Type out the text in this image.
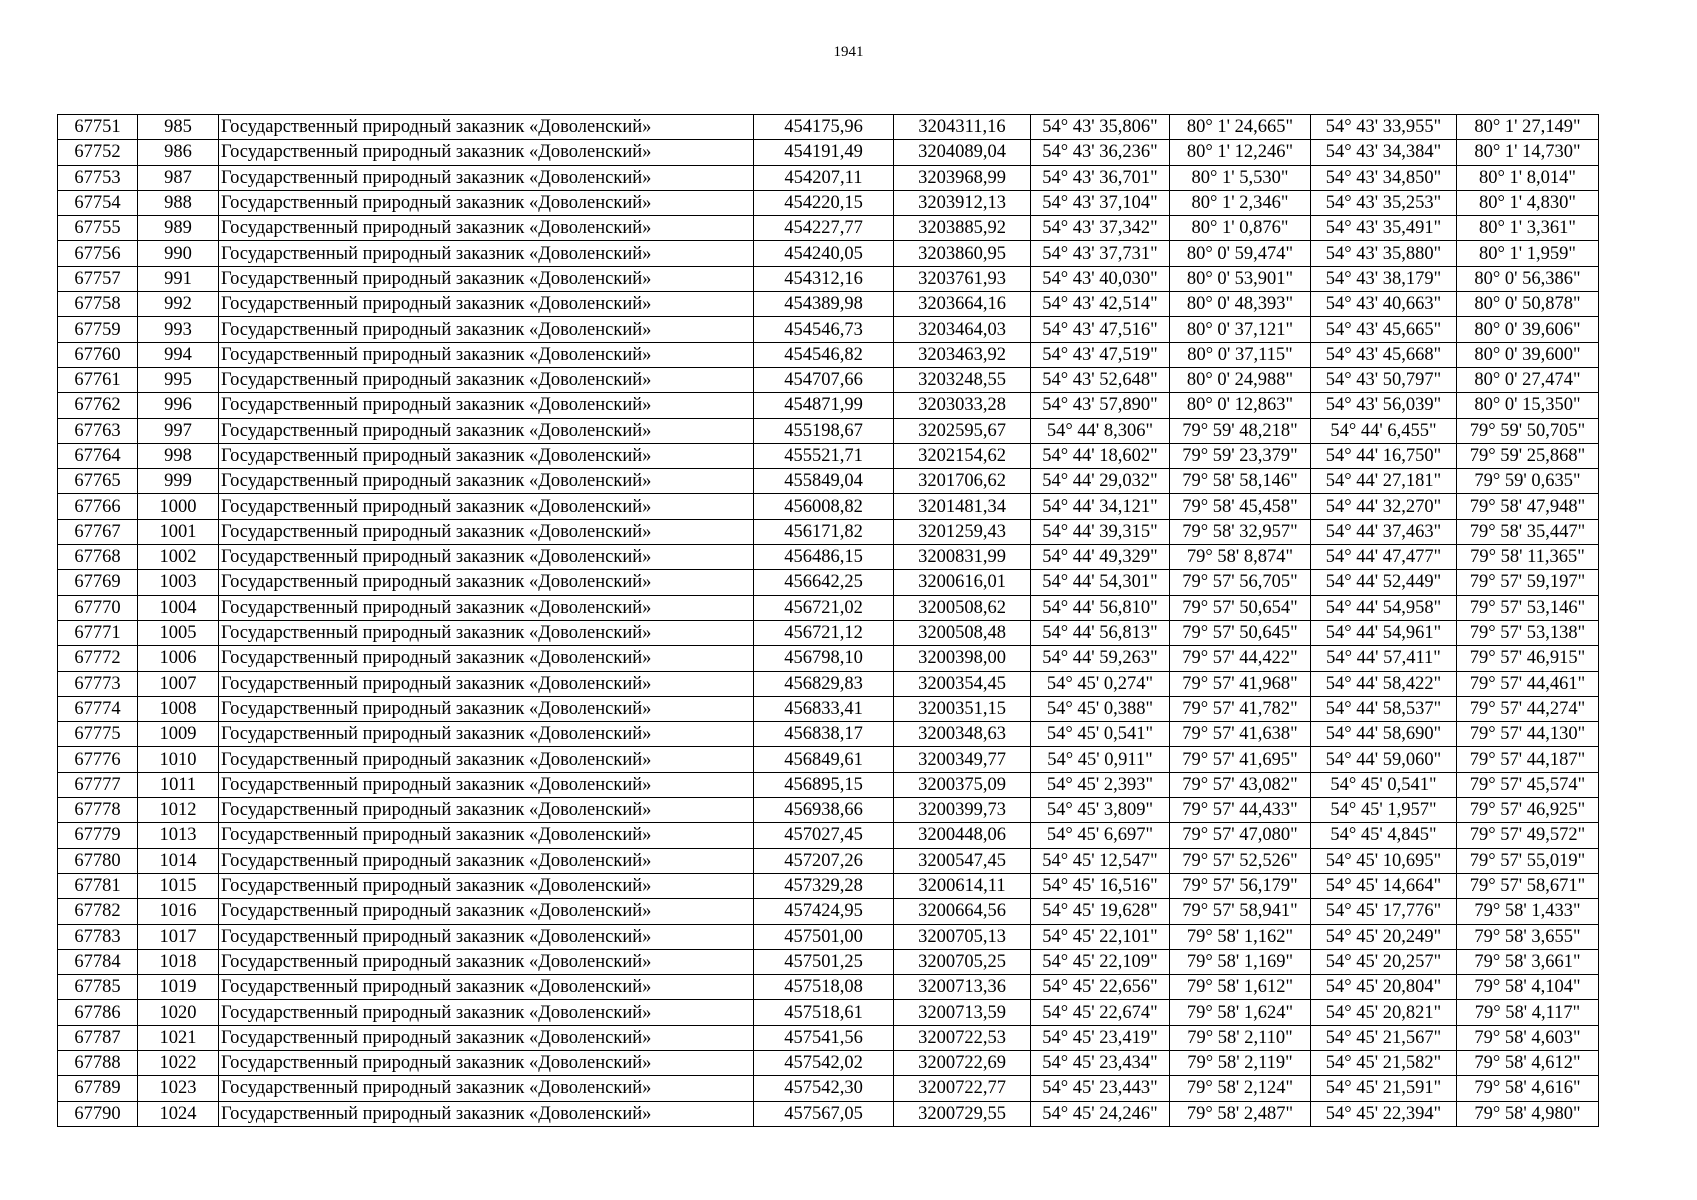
1941
67751	985	Государственный природный заказник «Доволенский»	454175,96	3204311,16	54° 43' 35,806"	80° 1' 24,665"	54° 43' 33,955"	80° 1' 27,149"
67752	986	Государственный природный заказник «Доволенский»	454191,49	3204089,04	54° 43' 36,236"	80° 1' 12,246"	54° 43' 34,384"	80° 1' 14,730"
67753	987	Государственный природный заказник «Доволенский»	454207,11	3203968,99	54° 43' 36,701"	80° 1' 5,530"	54° 43' 34,850"	80° 1' 8,014"
67754	988	Государственный природный заказник «Доволенский»	454220,15	3203912,13	54° 43' 37,104"	80° 1' 2,346"	54° 43' 35,253"	80° 1' 4,830"
67755	989	Государственный природный заказник «Доволенский»	454227,77	3203885,92	54° 43' 37,342"	80° 1' 0,876"	54° 43' 35,491"	80° 1' 3,361"
67756	990	Государственный природный заказник «Доволенский»	454240,05	3203860,95	54° 43' 37,731"	80° 0' 59,474"	54° 43' 35,880"	80° 1' 1,959"
67757	991	Государственный природный заказник «Доволенский»	454312,16	3203761,93	54° 43' 40,030"	80° 0' 53,901"	54° 43' 38,179"	80° 0' 56,386"
67758	992	Государственный природный заказник «Доволенский»	454389,98	3203664,16	54° 43' 42,514"	80° 0' 48,393"	54° 43' 40,663"	80° 0' 50,878"
67759	993	Государственный природный заказник «Доволенский»	454546,73	3203464,03	54° 43' 47,516"	80° 0' 37,121"	54° 43' 45,665"	80° 0' 39,606"
67760	994	Государственный природный заказник «Доволенский»	454546,82	3203463,92	54° 43' 47,519"	80° 0' 37,115"	54° 43' 45,668"	80° 0' 39,600"
67761	995	Государственный природный заказник «Доволенский»	454707,66	3203248,55	54° 43' 52,648"	80° 0' 24,988"	54° 43' 50,797"	80° 0' 27,474"
67762	996	Государственный природный заказник «Доволенский»	454871,99	3203033,28	54° 43' 57,890"	80° 0' 12,863"	54° 43' 56,039"	80° 0' 15,350"
67763	997	Государственный природный заказник «Доволенский»	455198,67	3202595,67	54° 44' 8,306"	79° 59' 48,218"	54° 44' 6,455"	79° 59' 50,705"
67764	998	Государственный природный заказник «Доволенский»	455521,71	3202154,62	54° 44' 18,602"	79° 59' 23,379"	54° 44' 16,750"	79° 59' 25,868"
67765	999	Государственный природный заказник «Доволенский»	455849,04	3201706,62	54° 44' 29,032"	79° 58' 58,146"	54° 44' 27,181"	79° 59' 0,635"
67766	1000	Государственный природный заказник «Доволенский»	456008,82	3201481,34	54° 44' 34,121"	79° 58' 45,458"	54° 44' 32,270"	79° 58' 47,948"
67767	1001	Государственный природный заказник «Доволенский»	456171,82	3201259,43	54° 44' 39,315"	79° 58' 32,957"	54° 44' 37,463"	79° 58' 35,447"
67768	1002	Государственный природный заказник «Доволенский»	456486,15	3200831,99	54° 44' 49,329"	79° 58' 8,874"	54° 44' 47,477"	79° 58' 11,365"
67769	1003	Государственный природный заказник «Доволенский»	456642,25	3200616,01	54° 44' 54,301"	79° 57' 56,705"	54° 44' 52,449"	79° 57' 59,197"
67770	1004	Государственный природный заказник «Доволенский»	456721,02	3200508,62	54° 44' 56,810"	79° 57' 50,654"	54° 44' 54,958"	79° 57' 53,146"
67771	1005	Государственный природный заказник «Доволенский»	456721,12	3200508,48	54° 44' 56,813"	79° 57' 50,645"	54° 44' 54,961"	79° 57' 53,138"
67772	1006	Государственный природный заказник «Доволенский»	456798,10	3200398,00	54° 44' 59,263"	79° 57' 44,422"	54° 44' 57,411"	79° 57' 46,915"
67773	1007	Государственный природный заказник «Доволенский»	456829,83	3200354,45	54° 45' 0,274"	79° 57' 41,968"	54° 44' 58,422"	79° 57' 44,461"
67774	1008	Государственный природный заказник «Доволенский»	456833,41	3200351,15	54° 45' 0,388"	79° 57' 41,782"	54° 44' 58,537"	79° 57' 44,274"
67775	1009	Государственный природный заказник «Доволенский»	456838,17	3200348,63	54° 45' 0,541"	79° 57' 41,638"	54° 44' 58,690"	79° 57' 44,130"
67776	1010	Государственный природный заказник «Доволенский»	456849,61	3200349,77	54° 45' 0,911"	79° 57' 41,695"	54° 44' 59,060"	79° 57' 44,187"
67777	1011	Государственный природный заказник «Доволенский»	456895,15	3200375,09	54° 45' 2,393"	79° 57' 43,082"	54° 45' 0,541"	79° 57' 45,574"
67778	1012	Государственный природный заказник «Доволенский»	456938,66	3200399,73	54° 45' 3,809"	79° 57' 44,433"	54° 45' 1,957"	79° 57' 46,925"
67779	1013	Государственный природный заказник «Доволенский»	457027,45	3200448,06	54° 45' 6,697"	79° 57' 47,080"	54° 45' 4,845"	79° 57' 49,572"
67780	1014	Государственный природный заказник «Доволенский»	457207,26	3200547,45	54° 45' 12,547"	79° 57' 52,526"	54° 45' 10,695"	79° 57' 55,019"
67781	1015	Государственный природный заказник «Доволенский»	457329,28	3200614,11	54° 45' 16,516"	79° 57' 56,179"	54° 45' 14,664"	79° 57' 58,671"
67782	1016	Государственный природный заказник «Доволенский»	457424,95	3200664,56	54° 45' 19,628"	79° 57' 58,941"	54° 45' 17,776"	79° 58' 1,433"
67783	1017	Государственный природный заказник «Доволенский»	457501,00	3200705,13	54° 45' 22,101"	79° 58' 1,162"	54° 45' 20,249"	79° 58' 3,655"
67784	1018	Государственный природный заказник «Доволенский»	457501,25	3200705,25	54° 45' 22,109"	79° 58' 1,169"	54° 45' 20,257"	79° 58' 3,661"
67785	1019	Государственный природный заказник «Доволенский»	457518,08	3200713,36	54° 45' 22,656"	79° 58' 1,612"	54° 45' 20,804"	79° 58' 4,104"
67786	1020	Государственный природный заказник «Доволенский»	457518,61	3200713,59	54° 45' 22,674"	79° 58' 1,624"	54° 45' 20,821"	79° 58' 4,117"
67787	1021	Государственный природный заказник «Доволенский»	457541,56	3200722,53	54° 45' 23,419"	79° 58' 2,110"	54° 45' 21,567"	79° 58' 4,603"
67788	1022	Государственный природный заказник «Доволенский»	457542,02	3200722,69	54° 45' 23,434"	79° 58' 2,119"	54° 45' 21,582"	79° 58' 4,612"
67789	1023	Государственный природный заказник «Доволенский»	457542,30	3200722,77	54° 45' 23,443"	79° 58' 2,124"	54° 45' 21,591"	79° 58' 4,616"
67790	1024	Государственный природный заказник «Доволенский»	457567,05	3200729,55	54° 45' 24,246"	79° 58' 2,487"	54° 45' 22,394"	79° 58' 4,980"
